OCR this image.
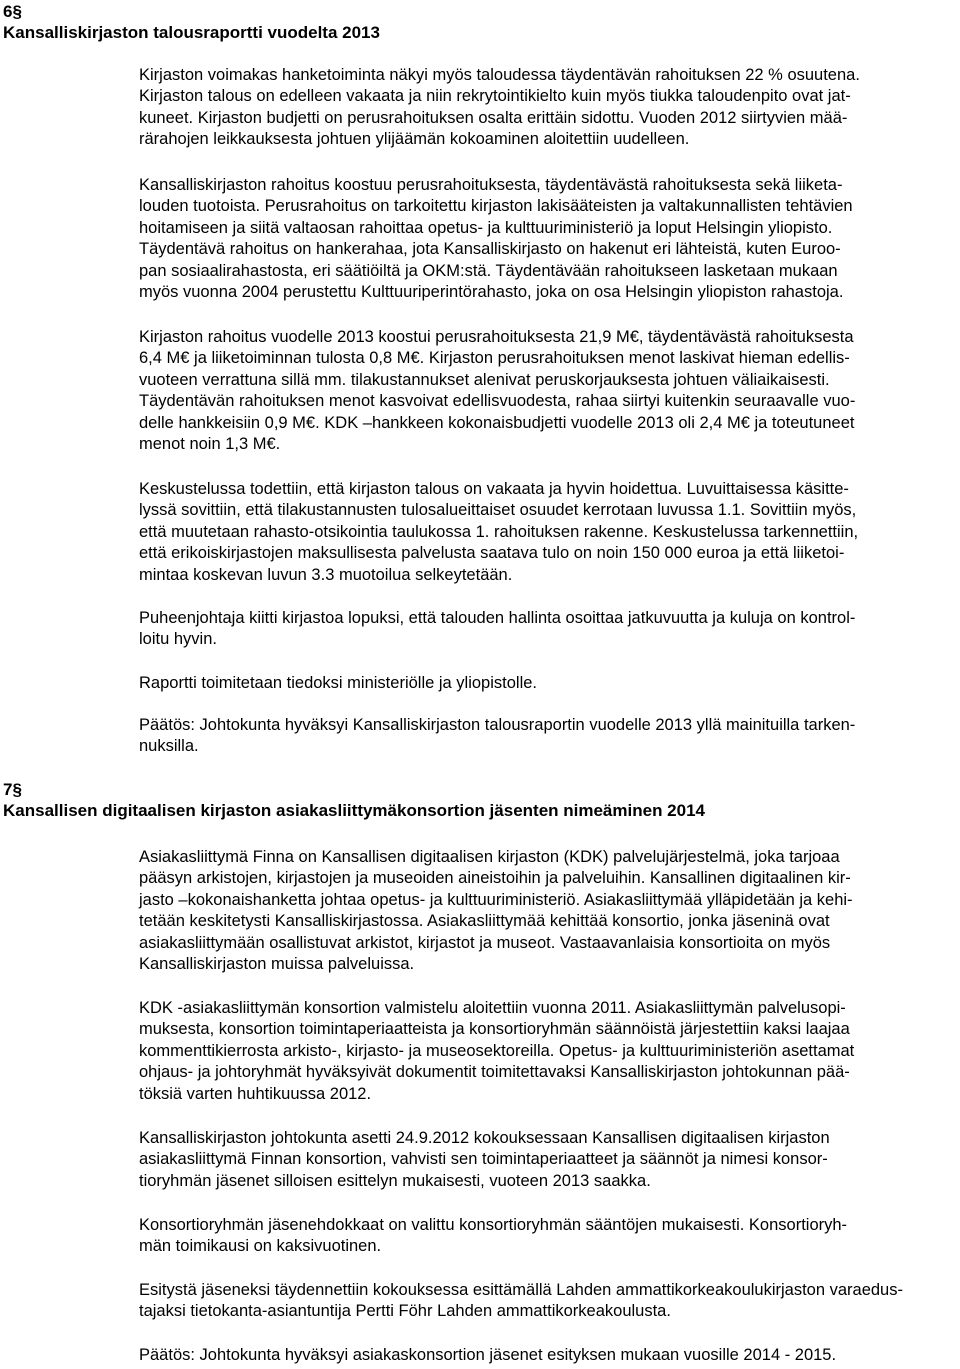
6§
Kansalliskirjaston talousraportti vuodelta 2013
Kirjaston voimakas hanketoiminta näkyi myös taloudessa täydentävän rahoituksen 22 % osuutena.
Kirjaston talous on edelleen vakaata ja niin rekrytointikielto kuin myös tiukka taloudenpito ovat jat-
kuneet. Kirjaston budjetti on perusrahoituksen osalta erittäin sidottu. Vuoden 2012 siirtyvien mää-
rärahojen leikkauksesta johtuen ylijäämän kokoaminen aloitettiin uudelleen.
Kansalliskirjaston rahoitus koostuu perusrahoituksesta, täydentävästä rahoituksesta sekä liiketa-
louden tuotoista. Perusrahoitus on tarkoitettu kirjaston lakisääteisten ja valtakunnallisten tehtävien
hoitamiseen ja siitä valtaosan rahoittaa opetus- ja kulttuuriministeriö ja loput Helsingin yliopisto.
Täydentävä rahoitus on hankerahaa, jota Kansalliskirjasto on hakenut eri lähteistä, kuten Euroo-
pan sosiaalirahastosta, eri säätiöiltä ja OKM:stä. Täydentävään rahoitukseen lasketaan mukaan
myös vuonna 2004 perustettu Kulttuuriperintörahasto, joka on osa Helsingin yliopiston rahastoja.
Kirjaston rahoitus vuodelle 2013 koostui perusrahoituksesta 21,9 M€, täydentävästä rahoituksesta
6,4 M€ ja liiketoiminnan tulosta 0,8 M€. Kirjaston perusrahoituksen menot laskivat hieman edellis-
vuoteen verrattuna sillä mm. tilakustannukset alenivat peruskorjauksesta johtuen väliaikaisesti.
Täydentävän rahoituksen menot kasvoivat edellisvuodesta, rahaa siirtyi kuitenkin seuraavalle vuo-
delle hankkeisiin 0,9 M€. KDK –hankkeen kokonaisbudjetti vuodelle 2013 oli 2,4 M€ ja toteutuneet
menot noin 1,3 M€.
Keskustelussa todettiin, että kirjaston talous on vakaata ja hyvin hoidettua. Luvuittaisessa käsitte-
lyssä sovittiin, että tilakustannusten tulosalueittaiset osuudet kerrotaan luvussa 1.1. Sovittiin myös,
että muutetaan rahasto-otsikointia taulukossa 1. rahoituksen rakenne. Keskustelussa tarkennettiin,
että erikoiskirjastojen maksullisesta palvelusta saatava tulo on noin 150 000 euroa ja että liiketoi-
mintaa koskevan luvun 3.3 muotoilua selkeytetään.
Puheenjohtaja kiitti kirjastoa lopuksi, että talouden hallinta osoittaa jatkuvuutta ja kuluja on kontrol-
loitu hyvin.
Raportti toimitetaan tiedoksi ministeriölle ja yliopistolle.
Päätös: Johtokunta hyväksyi Kansalliskirjaston talousraportin vuodelle 2013 yllä mainituilla tarken-
nuksilla.
7§
Kansallisen digitaalisen kirjaston asiakasliittymäkonsortion jäsenten nimeäminen 2014
Asiakasliittymä Finna on Kansallisen digitaalisen kirjaston (KDK) palvelujärjestelmä, joka tarjoaa
pääsyn arkistojen, kirjastojen ja museoiden aineistoihin ja palveluihin. Kansallinen digitaalinen kir-
jasto –kokonaishanketta johtaa opetus- ja kulttuuriministeriö. Asiakasliittymää ylläpidetään ja kehi-
tetään keskitetysti Kansalliskirjastossa. Asiakasliittymää kehittää konsortio, jonka jäseninä ovat
asiakasliittymään osallistuvat arkistot, kirjastot ja museot. Vastaavanlaisia konsortioita on myös
Kansalliskirjaston muissa palveluissa.
KDK -asiakasliittymän konsortion valmistelu aloitettiin vuonna 2011. Asiakasliittymän palvelusopi-
muksesta, konsortion toimintaperiaatteista ja konsortioryhmän säännöistä järjestettiin kaksi laajaa
kommenttikierrosta arkisto-, kirjasto- ja museosektoreilla. Opetus- ja kulttuuriministeriön asettamat
ohjaus- ja johtoryhmät hyväksyivät dokumentit toimitettavaksi Kansalliskirjaston johtokunnan pää-
töksiä varten huhtikuussa 2012.
Kansalliskirjaston johtokunta asetti 24.9.2012 kokouksessaan Kansallisen digitaalisen kirjaston
asiakasliittymä Finnan konsortion, vahvisti sen toimintaperiaatteet ja säännöt ja nimesi konsor-
tioryhmän jäsenet silloisen esittelyn mukaisesti, vuoteen 2013 saakka.
Konsortioryhmän jäsenehdokkaat on valittu konsortioryhmän sääntöjen mukaisesti. Konsortioryh-
män toimikausi on kaksivuotinen.
Esitystä jäseneksi täydennettiin kokouksessa esittämällä Lahden ammattikorkeakoulukirjaston varaedus-
tajaksi tietokanta-asiantuntija Pertti Föhr Lahden ammattikorkeakoulusta.
Päätös: Johtokunta hyväksyi asiakaskonsortion jäsenet esityksen mukaan vuosille 2014 - 2015.
